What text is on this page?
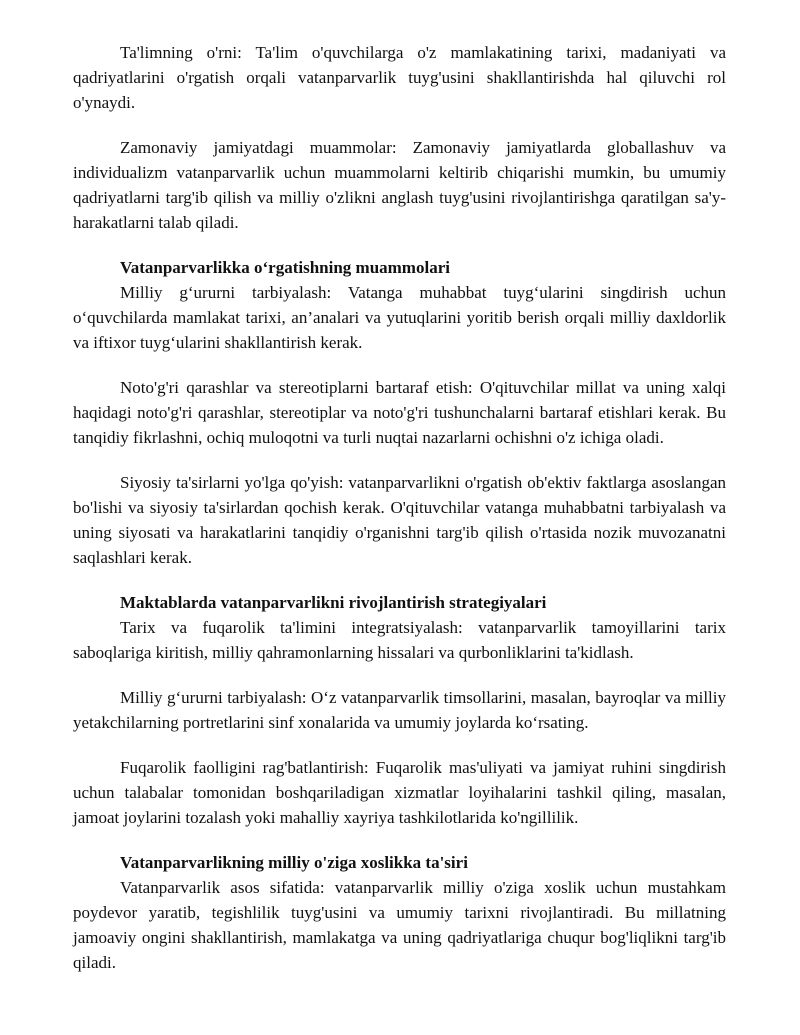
Ta'limning o'rni: Ta'lim o'quvchilarga o'z mamlakatining tarixi, madaniyati va qadriyatlarini o'rgatish orqali vatanparvarlik tuyg'usini shakllantirishda hal qiluvchi rol o'ynaydi.

Zamonaviy jamiyatdagi muammolar: Zamonaviy jamiyatlarda globallashuv va individualizm vatanparvarlik uchun muammolarni keltirib chiqarishi mumkin, bu umumiy qadriyatlarni targ'ib qilish va milliy o'zlikni anglash tuyg'usini rivojlantirishga qaratilgan sa'y-harakatlarni talab qiladi.

Vatanparvarlikka o‘rgatishning muammolari

Milliy g‘ururni tarbiyalash: Vatanga muhabbat tuyg‘ularini singdirish uchun o‘quvchilarda mamlakat tarixi, an’analari va yutuqlarini yoritib berish orqali milliy daxldorlik va iftixor tuyg‘ularini shakllantirish kerak.

Noto'g'ri qarashlar va stereotiplarni bartaraf etish: O'qituvchilar millat va uning xalqi haqidagi noto'g'ri qarashlar, stereotiplar va noto'g'ri tushunchalarni bartaraf etishlari kerak. Bu tanqidiy fikrlashni, ochiq muloqotni va turli nuqtai nazarlarni ochishni o'z ichiga oladi.

Siyosiy ta'sirlarni yo'lga qo'yish: vatanparvarlikni o'rgatish ob'ektiv faktlarga asoslangan bo'lishi va siyosiy ta'sirlardan qochish kerak. O'qituvchilar vatanga muhabbatni tarbiyalash va uning siyosati va harakatlarini tanqidiy o'rganishni targ'ib qilish o'rtasida nozik muvozanatni saqlashlari kerak.

Maktablarda vatanparvarlikni rivojlantirish strategiyalari

Tarix va fuqarolik ta'limini integratsiyalash: vatanparvarlik tamoyillarini tarix saboqlariga kiritish, milliy qahramonlarning hissalari va qurbonliklarini ta'kidlash.

Milliy g‘ururni tarbiyalash: O‘z vatanparvarlik timsollarini, masalan, bayroqlar va milliy yetakchilarning portretlarini sinf xonalarida va umumiy joylarda ko‘rsating.

Fuqarolik faolligini rag'batlantirish: Fuqarolik mas'uliyati va jamiyat ruhini singdirish uchun talabalar tomonidan boshqariladigan xizmatlar loyihalarini tashkil qiling, masalan, jamoat joylarini tozalash yoki mahalliy xayriya tashkilotlarida ko'ngillilik.

Vatanparvarlikning milliy o'ziga xoslikka ta'siri

Vatanparvarlik asos sifatida: vatanparvarlik milliy o'ziga xoslik uchun mustahkam poydevor yaratib, tegishlilik tuyg'usini va umumiy tarixni rivojlantiradi. Bu millatning jamoaviy ongini shakllantirish, mamlakatga va uning qadriyatlariga chuqur bog'liqlikni targ'ib qiladi.
